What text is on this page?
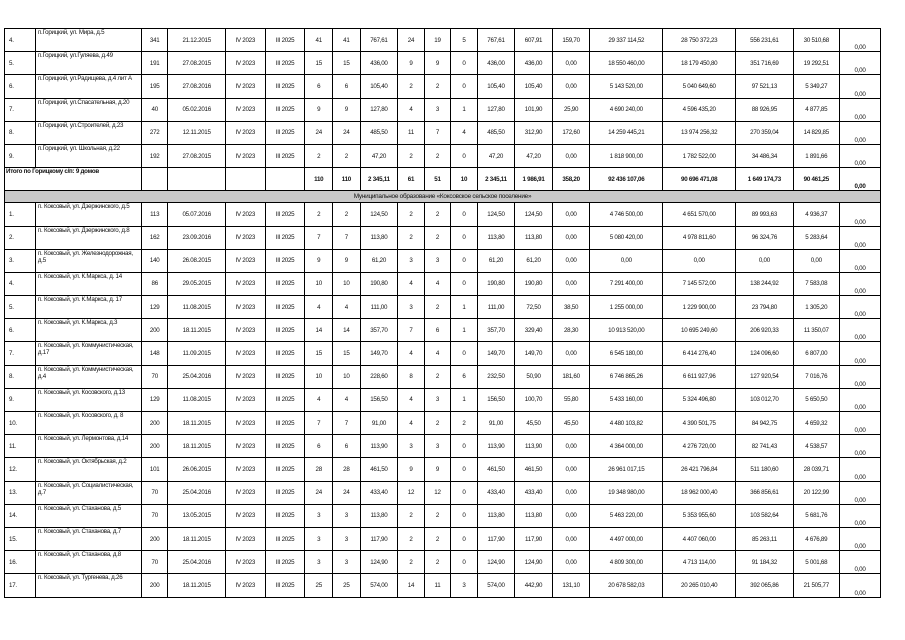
4.	п.Горицкий, ул. Мира, д.5	341	21.12.2015	IV 2023	III 2025	41	41	767,61	24	19	5	767,61	607,91	159,70	29 337 114,52	28 750 372,23	556 231,61	30 510,68	0,00
5.	п.Горицкий, ул.Гуляева, д.49	191	27.08.2015	IV 2023	III 2025	15	15	436,00	9	9	0	436,00	436,00	0,00	18 550 460,00	18 179 450,80	351 716,69	19 292,51	0,00
6.	п.Горицкий, ул.Радищева, д.4 лит А	195	27.08.2016	IV 2023	III 2025	6	6	105,40	2	2	0	105,40	105,40	0,00	5 143 520,00	5 040 649,60	97 521,13	5 349,27	0,00
7.	п.Горицкий, ул.Спасательная, д.20	40	05.02.2016	IV 2023	III 2025	9	9	127,80	4	3	1	127,80	101,90	25,90	4 690 240,00	4 596 435,20	88 926,95	4 877,85	0,00
8.	п.Горицкий, ул.Строителей, д.23	272	12.11.2015	IV 2023	III 2025	24	24	485,50	11	7	4	485,50	312,90	172,60	14 259 445,21	13 974 256,32	270 359,04	14 829,85	0,00
9.	п.Горицкий, ул. Школьная, д.22	192	27.08.2015	IV 2023	III 2025	2	2	47,20	2	2	0	47,20	47,20	0,00	1 818 900,00	1 782 522,00	34 486,34	1 891,66	0,00
Итого по Горицкому с/п: 9 домов						110	110	2 345,11	61	51	10	2 345,11	1 986,91	358,20	92 436 107,06	90 696 471,08	1 649 174,73	90 461,25	0,00
Муниципальное образование «Коксовское сельское поселение»																			
1.	п. Коксовый, ул. Дзержинского, д.5	113	05.07.2016	IV 2023	III 2025	2	2	124,50	2	2	0	124,50	124,50	0,00	4 746 500,00	4 651 570,00	89 993,63	4 936,37	0,00
2.	п. Коксовый, ул. Дзержинского, д.8	162	23.09.2016	IV 2023	III 2025	7	7	113,80	2	2	0	113,80	113,80	0,00	5 080 420,00	4 978 811,60	96 324,76	5 283,64	0,00
3.	п. Коксовый, ул. Железнодорожная, д.5	140	26.08.2015	IV 2023	III 2025	9	9	61,20	3	3	0	61,20	61,20	0,00	0,00	0,00	0,00	0,00	0,00
4.	п. Коксовый, ул. К.Маркса, д. 14	86	29.05.2015	IV 2023	III 2025	10	10	190,80	4	4	0	190,80	190,80	0,00	7 291 400,00	7 145 572,00	138 244,92	7 583,08	0,00
5.	п. Коксовый, ул. К.Маркса, д. 17	129	11.08.2015	IV 2023	III 2025	4	4	111,00	3	2	1	111,00	72,50	38,50	1 255 000,00	1 229 900,00	23 794,80	1 305,20	0,00
6.	п. Коксовый, ул. К.Маркса, д.3	200	18.11.2015	IV 2023	III 2025	14	14	357,70	7	6	1	357,70	329,40	28,30	10 913 520,00	10 695 249,60	206 920,33	11 350,07	0,00
7.	п. Коксовый, ул. Коммунистическая, д.17	148	11.09.2015	IV 2023	III 2025	15	15	149,70	4	4	0	149,70	149,70	0,00	6 545 180,00	6 414 276,40	124 096,60	6 807,00	0,00
8.	п. Коксовый, ул. Коммунистическая, д.4	70	25.04.2016	IV 2023	III 2025	10	10	228,60	8	2	6	232,50	50,90	181,60	6 746 865,26	6 611 927,96	127 920,54	7 016,76	0,00
9.	п. Коксовый, ул. Косовского, д.13	129	11.08.2015	IV 2023	III 2025	4	4	156,50	4	3	1	156,50	100,70	55,80	5 433 160,00	5 324 496,80	103 012,70	5 650,50	0,00
10.	п. Коксовый, ул. Косовского, д. 8	200	18.11.2015	IV 2023	III 2025	7	7	91,00	4	2	2	91,00	45,50	45,50	4 480 103,82	4 390 501,75	84 942,75	4 659,32	0,00
11.	п. Коксовый, ул. Лермонтова, д.14	200	18.11.2015	IV 2023	III 2025	6	6	113,90	3	3	0	113,90	113,90	0,00	4 364 000,00	4 276 720,00	82 741,43	4 538,57	0,00
12.	п. Коксовый, ул. Октябрьская, д.2	101	26.06.2015	IV 2023	III 2025	28	28	461,50	9	9	0	461,50	461,50	0,00	26 961 017,15	26 421 796,84	511 180,60	28 039,71	0,00
13.	п. Коксовый, ул. Социалистическая, д.7	70	25.04.2016	IV 2023	III 2025	24	24	433,40	12	12	0	433,40	433,40	0,00	19 348 980,00	18 962 000,40	366 856,61	20 122,99	0,00
14.	п. Коксовый, ул. Стаханова, д.5	70	13.05.2015	IV 2023	III 2025	3	3	113,80	2	2	0	113,80	113,80	0,00	5 463 220,00	5 353 955,60	103 582,64	5 681,76	0,00
15.	п. Коксовый, ул. Стаханова, д.7	200	18.11.2015	IV 2023	III 2025	3	3	117,90	2	2	0	117,90	117,90	0,00	4 497 000,00	4 407 060,00	85 263,11	4 676,89	0,00
16.	п. Коксовый, ул. Стаханова, д.8	70	25.04.2016	IV 2023	III 2025	3	3	124,90	2	2	0	124,90	124,90	0,00	4 809 300,00	4 713 114,00	91 184,32	5 001,68	0,00
17.	п. Коксовый, ул. Тургенева, д.26	200	18.11.2015	IV 2023	III 2025	25	25	574,00	14	11	3	574,00	442,90	131,10	20 678 582,03	20 265 010,40	392 065,86	21 505,77	0,00
